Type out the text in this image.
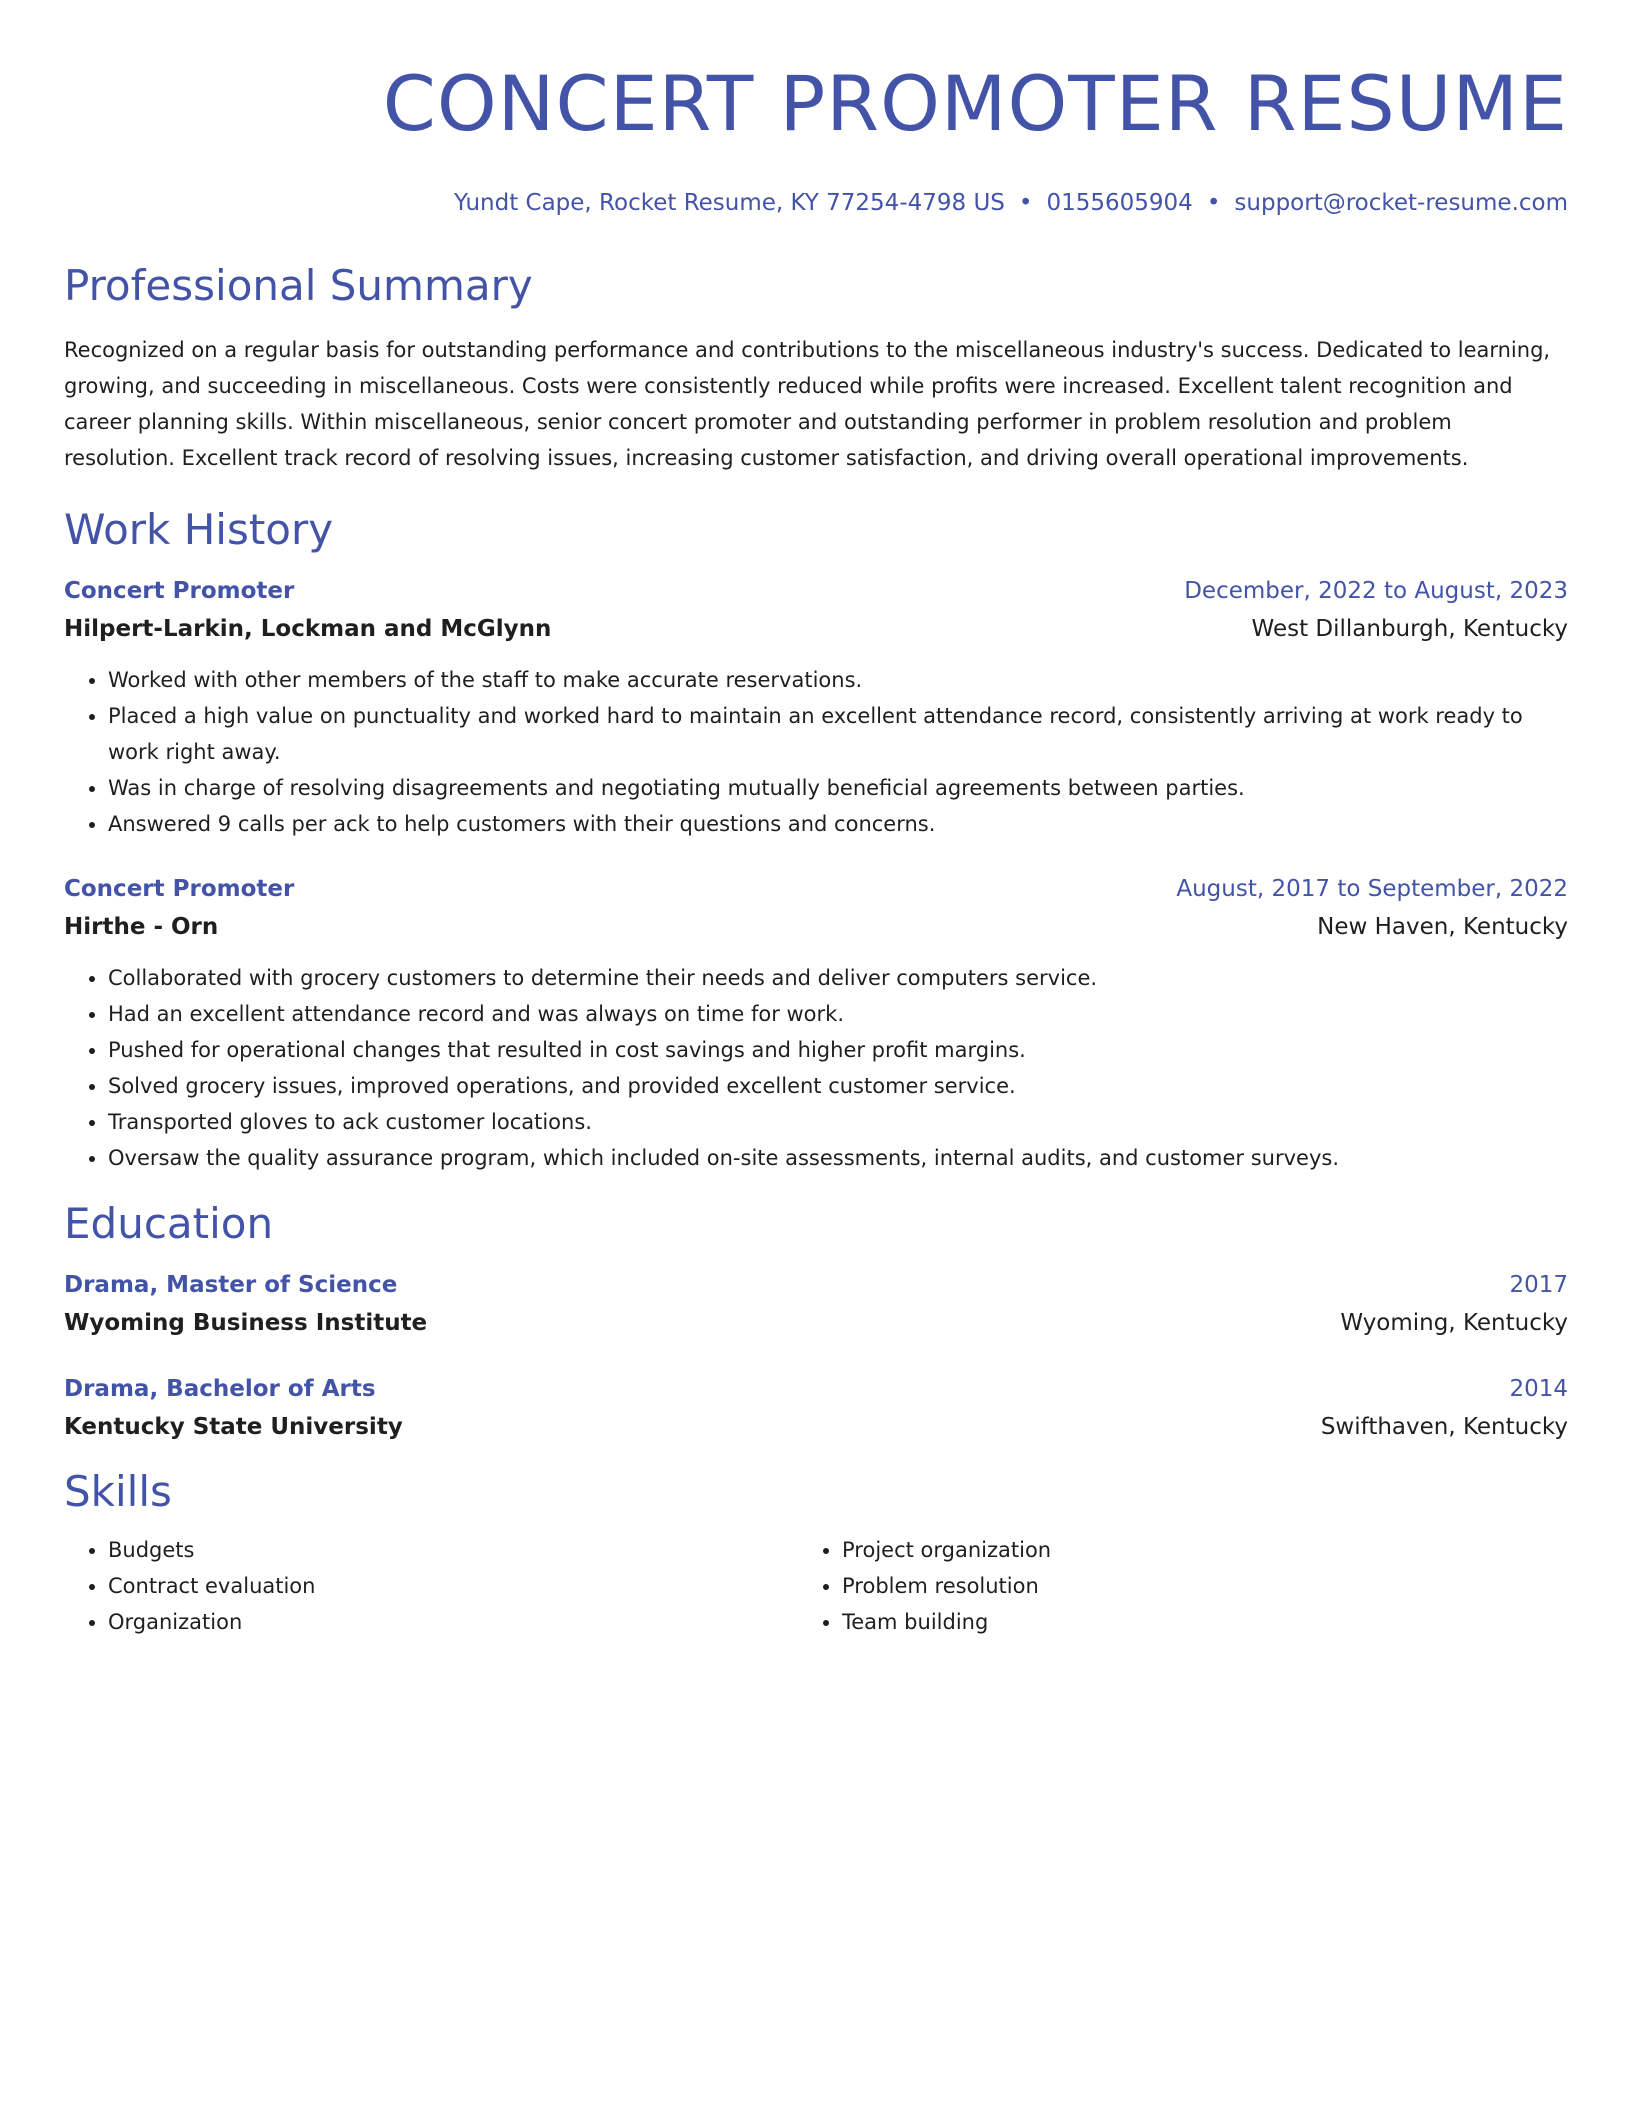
CONCERT PROMOTER RESUME
Yundt Cape, Rocket Resume, KY 77254-4798 US • 0155605904 • support@rocket-resume.com
Professional Summary

Recognized on a regular basis for outstanding performance and contributions to the miscellaneous industry's success. Dedicated to learning, growing, and succeeding in miscellaneous. Costs were consistently reduced while profits were increased. Excellent talent recognition and career planning skills. Within miscellaneous, senior concert promoter and outstanding performer in problem resolution and problem resolution. Excellent track record of resolving issues, increasing customer satisfaction, and driving overall operational improvements.

Work History
Concert Promoter	December, 2022 to August, 2023
Hilpert-Larkin, Lockman and McGlynn	West Dillanburgh, Kentucky
• Worked with other members of the staff to make accurate reservations.
• Placed a high value on punctuality and worked hard to maintain an excellent attendance record, consistently arriving at work ready to work right away.
• Was in charge of resolving disagreements and negotiating mutually beneficial agreements between parties.
• Answered 9 calls per ack to help customers with their questions and concerns.
Concert Promoter	August, 2017 to September, 2022
Hirthe - Orn	New Haven, Kentucky
• Collaborated with grocery customers to determine their needs and deliver computers service.
• Had an excellent attendance record and was always on time for work.
• Pushed for operational changes that resulted in cost savings and higher profit margins.
• Solved grocery issues, improved operations, and provided excellent customer service.
• Transported gloves to ack customer locations.
• Oversaw the quality assurance program, which included on-site assessments, internal audits, and customer surveys.
Education
Drama, Master of Science	2017
Wyoming Business Institute	Wyoming, Kentucky
Drama, Bachelor of Arts	2014
Kentucky State University	Swifthaven, Kentucky
Skills
• Budgets
• Contract evaluation
• Organization
• Project organization
• Problem resolution
• Team building
